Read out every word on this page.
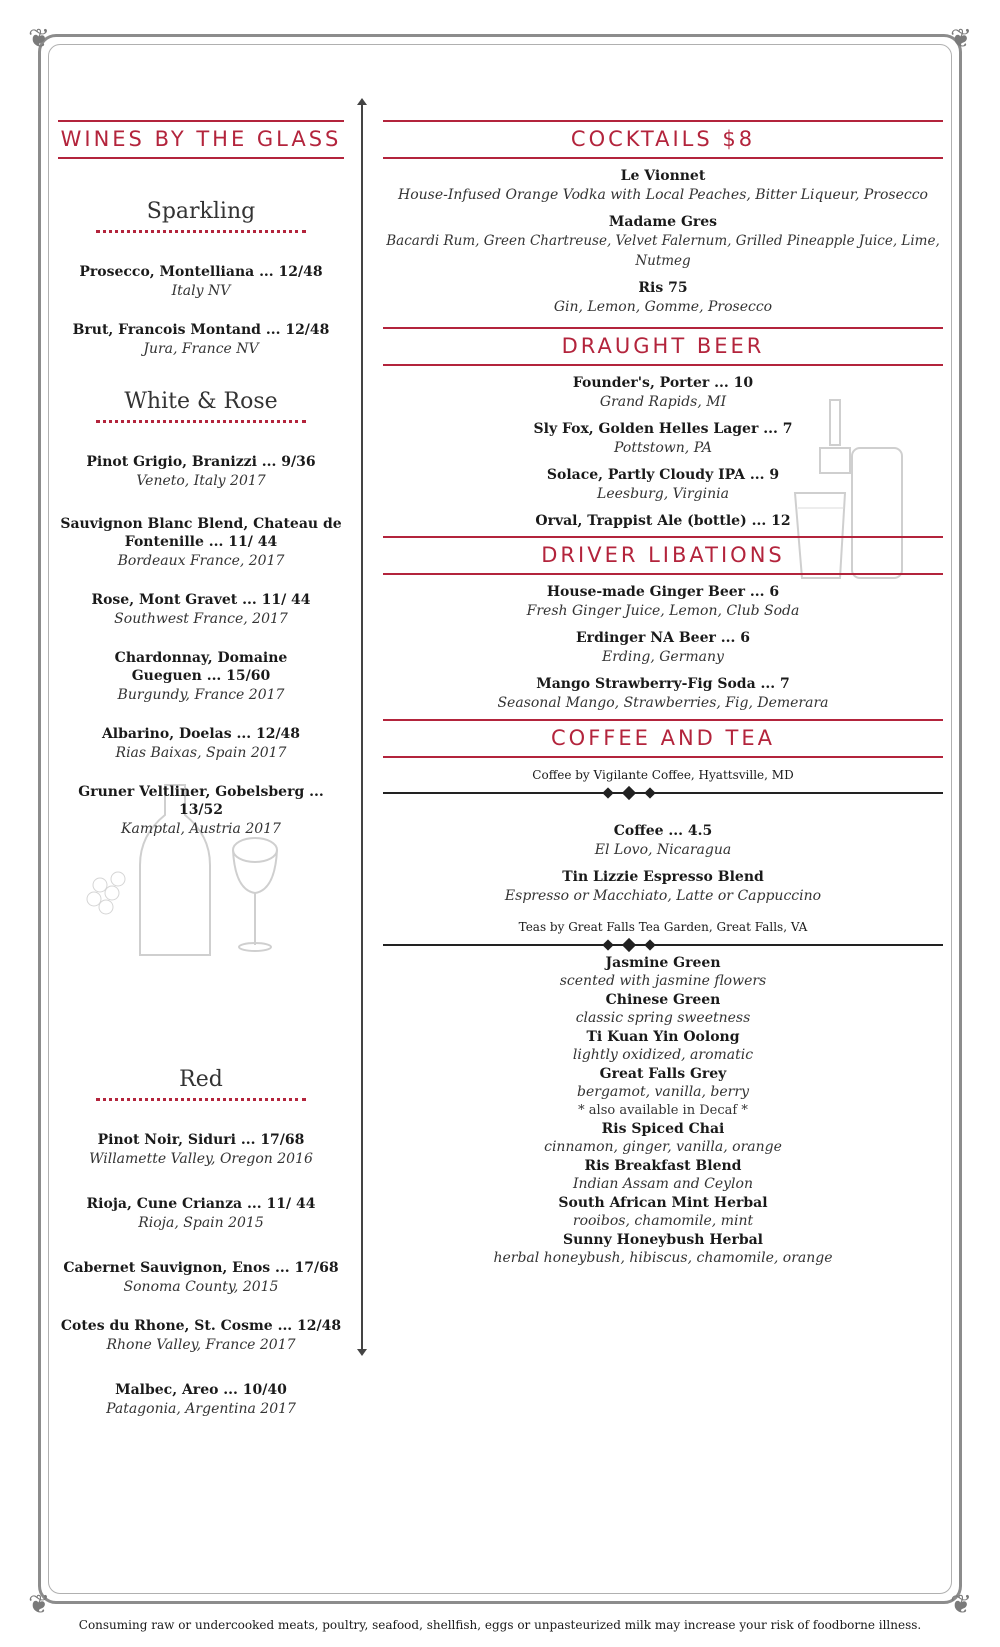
❦	❦
❦	❦
WINES BY THE GLASS
Sparkling
Prosecco, Montelliana ... 12/48
Italy NV
Brut, Francois Montand ... 12/48
Jura, France NV
White & Rose
Pinot Grigio, Branizzi ... 9/36
Veneto, Italy 2017
Sauvignon Blanc Blend, Chateau de Fontenille ... 11/ 44
Bordeaux France, 2017
Rose, Mont Gravet ... 11/ 44
Southwest France, 2017
Chardonnay, Domaine Gueguen ... 15/60
Burgundy, France 2017
Albarino, Doelas ... 12/48
Rias Baixas, Spain 2017
Gruner Veltliner, Gobelsberg ... 13/52
Kamptal, Austria 2017
Red
Pinot Noir, Siduri ... 17/68
Willamette Valley, Oregon 2016
Rioja, Cune Crianza ... 11/ 44
Rioja, Spain 2015
Cabernet Sauvignon, Enos ... 17/68
Sonoma County, 2015
Cotes du Rhone, St. Cosme ... 12/48
Rhone Valley, France 2017
Malbec, Areo ... 10/40
Patagonia, Argentina 2017
COCKTAILS $8
Le Vionnet
House-Infused Orange Vodka with Local Peaches, Bitter Liqueur, Prosecco
Madame Gres
Bacardi Rum, Green Chartreuse, Velvet Falernum, Grilled Pineapple Juice, Lime, Nutmeg
Ris 75
Gin, Lemon, Gomme, Prosecco
DRAUGHT BEER
Founder's, Porter ... 10
Grand Rapids, MI
Sly Fox, Golden Helles Lager ... 7
Pottstown, PA
Solace, Partly Cloudy IPA ... 9
Leesburg, Virginia
Orval, Trappist Ale (bottle) ... 12
DRIVER LIBATIONS
House-made Ginger Beer ... 6
Fresh Ginger Juice, Lemon, Club Soda
Erdinger NA Beer ... 6
Erding, Germany
Mango Strawberry-Fig Soda ... 7
Seasonal Mango, Strawberries, Fig, Demerara
COFFEE AND TEA
Coffee by Vigilante Coffee, Hyattsville, MD
Coffee ... 4.5
El Lovo, Nicaragua
Tin Lizzie Espresso Blend
Espresso or Macchiato, Latte or Cappuccino
Teas by Great Falls Tea Garden, Great Falls, VA
Jasmine Green
scented with jasmine flowers
Chinese Green
classic spring sweetness
Ti Kuan Yin Oolong
lightly oxidized, aromatic
Great Falls Grey
bergamot, vanilla, berry
* also available in Decaf *
Ris Spiced Chai
cinnamon, ginger, vanilla, orange
Ris Breakfast Blend
Indian Assam and Ceylon
South African Mint Herbal
rooibos, chamomile, mint
Sunny Honeybush Herbal
herbal honeybush, hibiscus, chamomile, orange
Consuming raw or undercooked meats, poultry, seafood, shellfish, eggs or unpasteurized milk may increase your risk of foodborne illness.
